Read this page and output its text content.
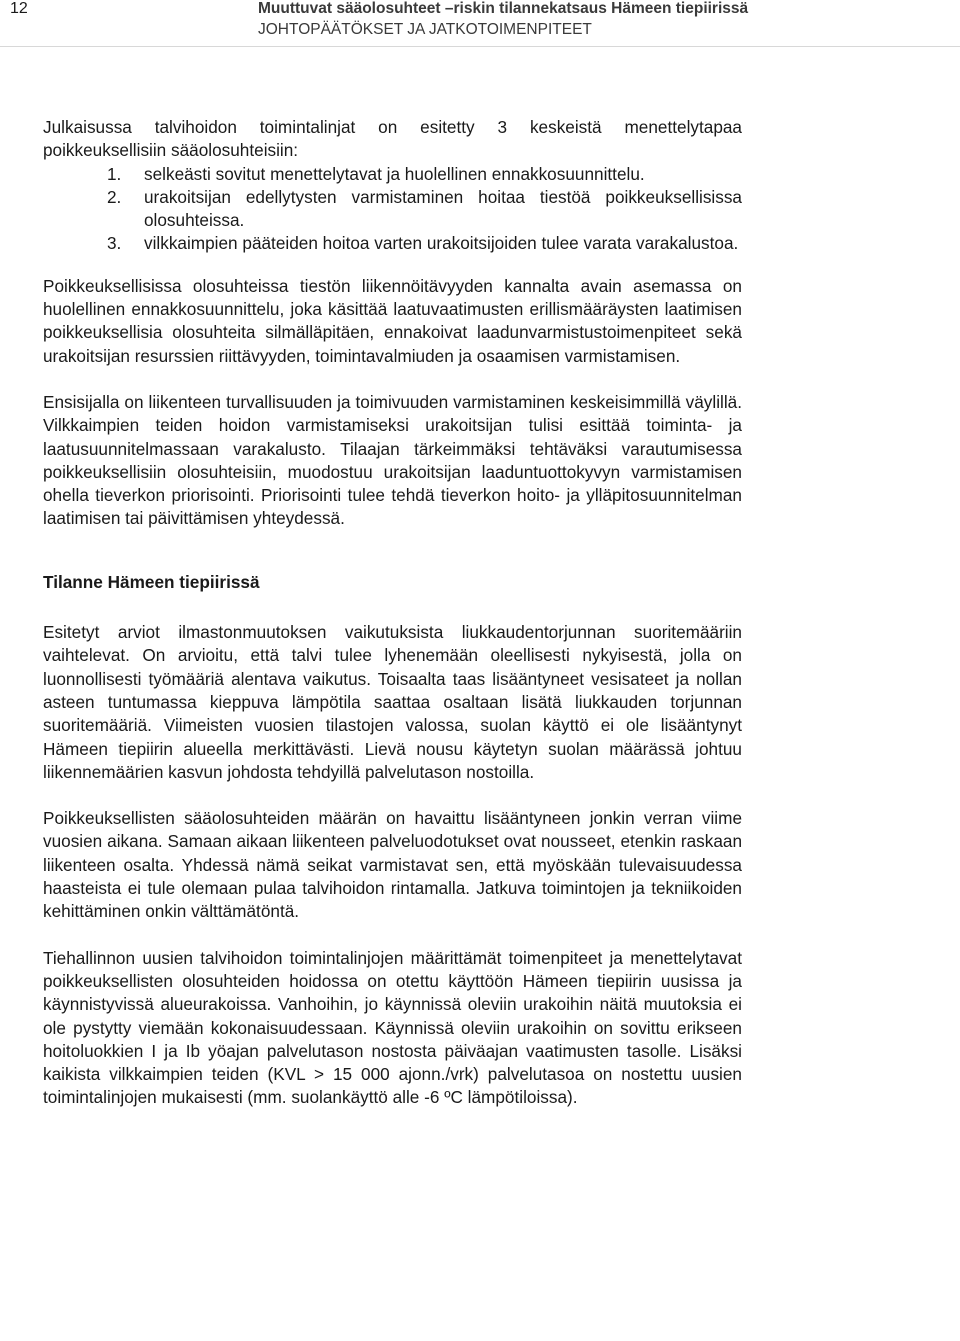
12	Muuttuvat sääolosuhteet –riskin tilannekatsaus Hämeen tiepiirissä
JOHTOPÄÄTÖKSET JA JATKOTOIMENPITEET

Julkaisussa talvihoidon toimintalinjat on esitetty 3 keskeistä menettelytapaa poikkeuksellisiin sääolosuhteisiin:

1. selkeästi sovitut menettelytavat ja huolellinen ennakkosuunnittelu.
2. urakoitsijan edellytysten varmistaminen hoitaa tiestöä poikkeuksellisissa olosuhteissa.
3. vilkkaimpien pääteiden hoitoa varten urakoitsijoiden tulee varata varakalustoa.

Poikkeuksellisissa olosuhteissa tiestön liikennöitävyyden kannalta avain asemassa on huolellinen ennakkosuunnittelu, joka käsittää laatuvaatimusten erillismääräysten laatimisen poikkeuksellisia olosuhteita silmälläpitäen, ennakoivat laadunvarmistustoimenpiteet sekä urakoitsijan resurssien riittävyyden, toimintavalmiuden ja osaamisen varmistamisen.

Ensisijalla on liikenteen turvallisuuden ja toimivuuden varmistaminen keskeisimmillä väylillä. Vilkkaimpien teiden hoidon varmistamiseksi urakoitsijan tulisi esittää toiminta- ja laatusuunnitelmassaan varakalusto. Tilaajan tärkeimmäksi tehtäväksi varautumisessa poikkeuksellisiin olosuhteisiin, muodostuu urakoitsijan laaduntuottokyvyn varmistamisen ohella tieverkon priorisointi. Priorisointi tulee tehdä tieverkon hoito- ja ylläpitosuunnitelman laatimisen tai päivittämisen yhteydessä.

Tilanne Hämeen tiepiirissä

Esitetyt arviot ilmastonmuutoksen vaikutuksista liukkaudentorjunnan suoritemääriin vaihtelevat. On arvioitu, että talvi tulee lyhenemään oleellisesti nykyisestä, jolla on luonnollisesti työmääriä alentava vaikutus. Toisaalta taas lisääntyneet vesisateet ja nollan asteen tuntumassa kieppuva lämpötila saattaa osaltaan lisätä liukkauden torjunnan suoritemääriä. Viimeisten vuosien tilastojen valossa, suolan käyttö ei ole lisääntynyt Hämeen tiepiirin alueella merkittävästi. Lievä nousu käytetyn suolan määrässä johtuu liikennemäärien kasvun johdosta tehdyillä palvelutason nostoilla.

Poikkeuksellisten sääolosuhteiden määrän on havaittu lisääntyneen jonkin verran viime vuosien aikana. Samaan aikaan liikenteen palveluodotukset ovat nousseet, etenkin raskaan liikenteen osalta. Yhdessä nämä seikat varmistavat sen, että myöskään tulevaisuudessa haasteista ei tule olemaan pulaa talvihoidon rintamalla. Jatkuva toimintojen ja tekniikoiden kehittäminen onkin välttämätöntä.

Tiehallinnon uusien talvihoidon toimintalinjojen määrittämät toimenpiteet ja menettelytavat poikkeuksellisten olosuhteiden hoidossa on otettu käyttöön Hämeen tiepiirin uusissa ja käynnistyvissä alueurakoissa. Vanhoihin, jo käynnissä oleviin urakoihin näitä muutoksia ei ole pystytty viemään kokonaisuudessaan. Käynnissä oleviin urakoihin on sovittu erikseen hoitoluokkien I ja Ib yöajan palvelutason nostosta päiväajan vaatimusten tasolle. Lisäksi kaikista vilkkaimpien teiden (KVL > 15 000 ajonn./vrk) palvelutasoa on nostettu uusien toimintalinjojen mukaisesti (mm. suolankäyttö alle -6 ºC lämpötiloissa).
